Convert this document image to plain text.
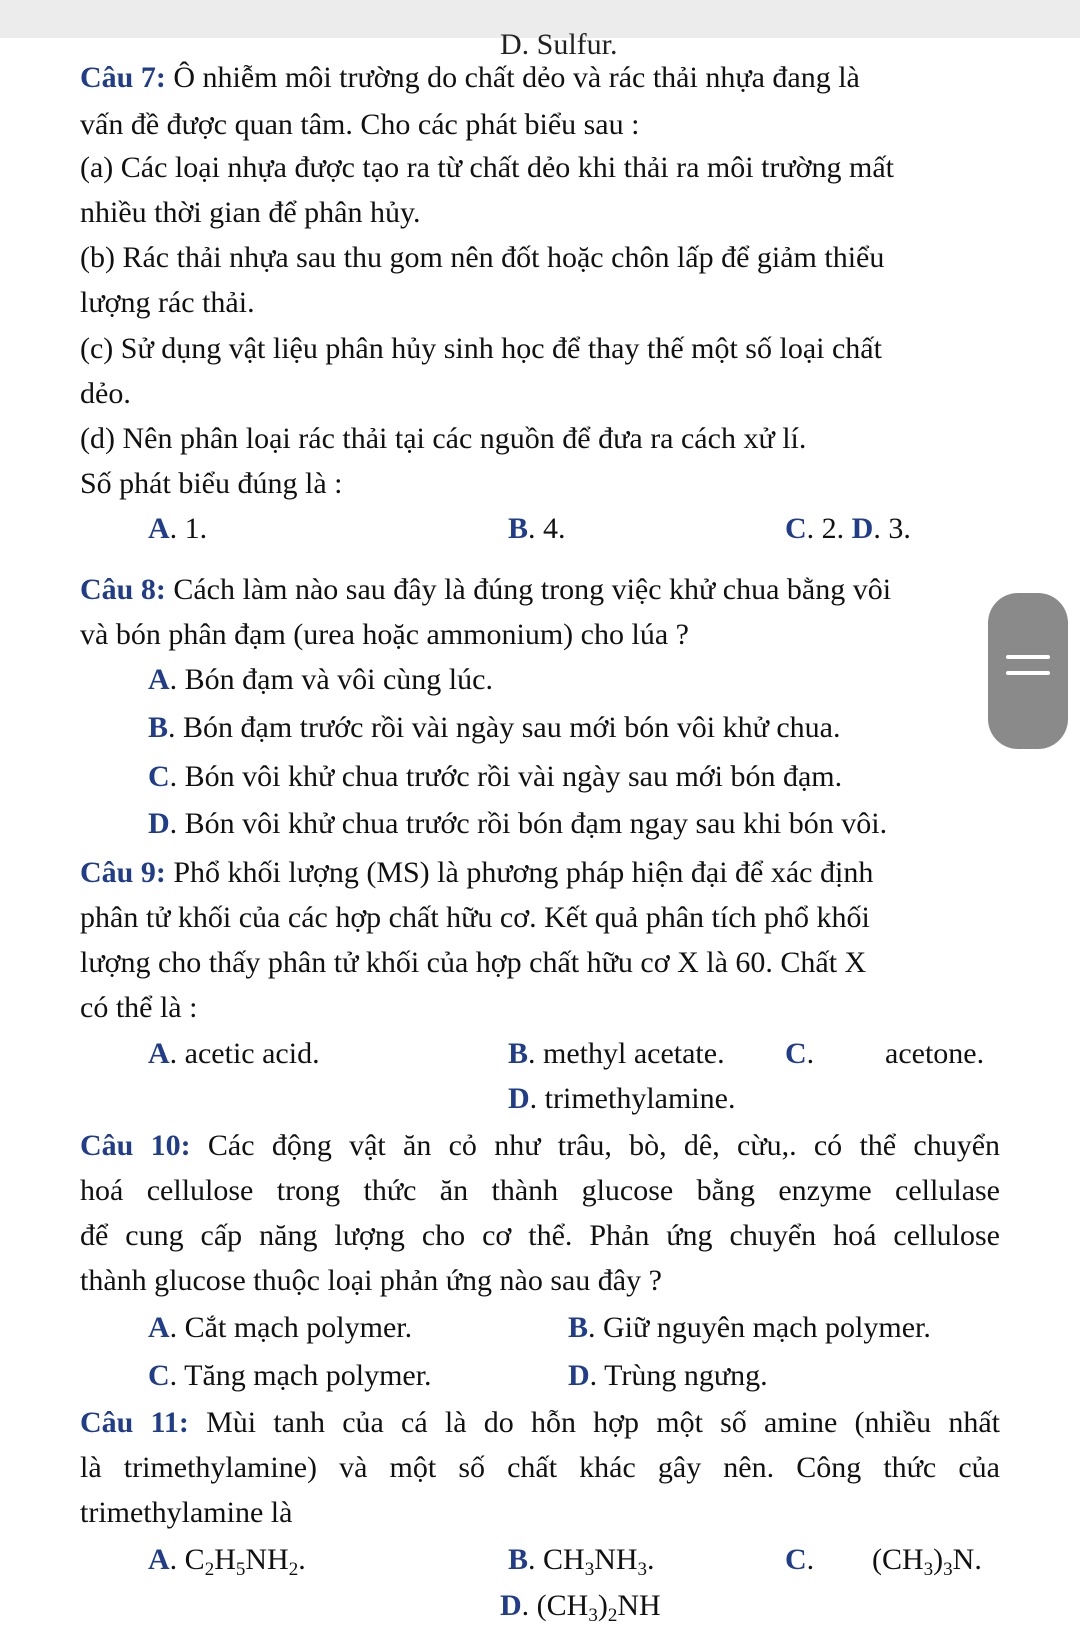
D. Sulfur.
Câu 7: Ô nhiễm môi trường do chất dẻo và rác thải nhựa đang là
vấn đề được quan tâm. Cho các phát biểu sau :
(a) Các loại nhựa được tạo ra từ chất dẻo khi thải ra môi trường mất
nhiều thời gian để phân hủy.
(b) Rác thải nhựa sau thu gom nên đốt hoặc chôn lấp để giảm thiểu
lượng rác thải.
(c) Sử dụng vật liệu phân hủy sinh học để thay thế một số loại chất
dẻo.
(d) Nên phân loại rác thải tại các nguồn để đưa ra cách xử lí.
Số phát biểu đúng là :
A. 1.	B. 4.	C. 2. D. 3.
Câu 8: Cách làm nào sau đây là đúng trong việc khử chua bằng vôi
và bón phân đạm (urea hoặc ammonium) cho lúa ?
A. Bón đạm và vôi cùng lúc.
B. Bón đạm trước rồi vài ngày sau mới bón vôi khử chua.
C. Bón vôi khử chua trước rồi vài ngày sau mới bón đạm.
D. Bón vôi khử chua trước rồi bón đạm ngay sau khi bón vôi.
Câu 9: Phổ khối lượng (MS) là phương pháp hiện đại để xác định
phân tử khối của các hợp chất hữu cơ. Kết quả phân tích phổ khối
lượng cho thấy phân tử khối của hợp chất hữu cơ X là 60. Chất X
có thể là :
A. acetic acid.	B. methyl acetate. C. acetone.
D. trimethylamine.
Câu 10: Các động vật ăn cỏ như trâu, bò, dê, cừu,. có thể chuyển
hoá cellulose trong thức ăn thành glucose bằng enzyme cellulase
để cung cấp năng lượng cho cơ thể. Phản ứng chuyển hoá cellulose
thành glucose thuộc loại phản ứng nào sau đây ?
A. Cắt mạch polymer.	B. Giữ nguyên mạch polymer.
C. Tăng mạch polymer.	D. Trùng ngưng.
Câu 11: Mùi tanh của cá là do hỗn hợp một số amine (nhiều nhất
là trimethylamine) và một số chất khác gây nên. Công thức của
trimethylamine là
A. $C_2H_5NH_2$.	B. $CH_3NH_3$.	C. $(CH_3)_3N$.
D. $(CH_3)_2NH$
